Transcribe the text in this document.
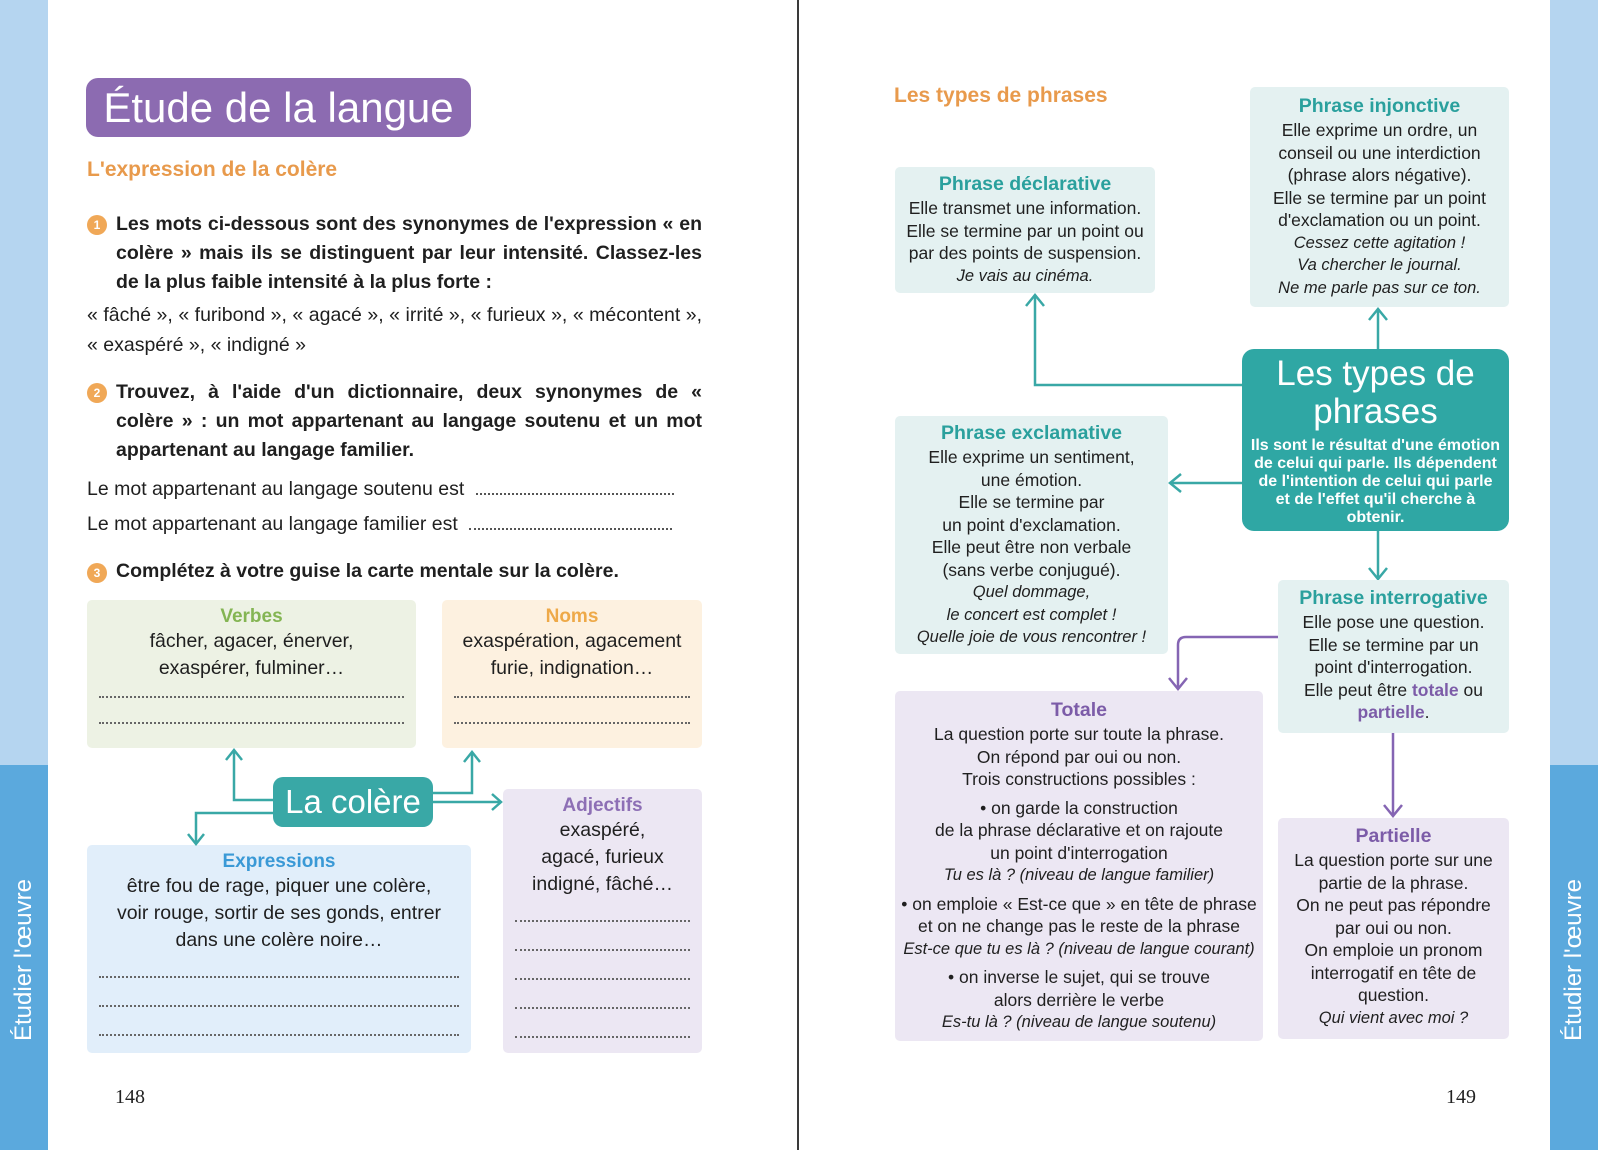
Étudier l'œuvre	Étudier l'œuvre
Étude de la langue
L'expression de la colère
1 Les mots ci-dessous sont des synonymes de l'expression « en colère » mais ils se distinguent par leur intensité. Classez-les de la plus faible intensité à la plus forte :
« fâché », « furibond », « agacé », « irrité », « furieux », « mécontent », « exaspéré », « indigné »
2 Trouvez, à l'aide d'un dictionnaire, deux synonymes de « colère » : un mot appartenant au langage soutenu et un mot appartenant au langage familier.
Le mot appartenant au langage soutenu est
Le mot appartenant au langage familier est
3 Complétez à votre guise la carte mentale sur la colère.
Verbes
fâcher, agacer, énerver,
exaspérer, fulminer…
Noms
exaspération, agacement
furie, indignation…
Adjectifs
exaspéré,
agacé, furieux
indigné, fâché…
Expressions
être fou de rage, piquer une colère,
voir rouge, sortir de ses gonds, entrer
dans une colère noire…
La colère
148
Les types de phrases
Phrase déclarative
Elle transmet une information.
Elle se termine par un point ou
par des points de suspension.
Je vais au cinéma.
Phrase injonctive
Elle exprime un ordre, un
conseil ou une interdiction
(phrase alors négative).
Elle se termine par un point
d'exclamation ou un point.
Cessez cette agitation !
Va chercher le journal.
Ne me parle pas sur ce ton.
Les types de phrases
Ils sont le résultat d'une émotion de celui qui parle. Ils dépendent de l'intention de celui qui parle et de l'effet qu'il cherche à obtenir.
Phrase exclamative
Elle exprime un sentiment,
une émotion.
Elle se termine par
un point d'exclamation.
Elle peut être non verbale
(sans verbe conjugué).
Quel dommage,
le concert est complet !
Quelle joie de vous rencontrer !
Phrase interrogative
Elle pose une question.
Elle se termine par un
point d'interrogation.
Elle peut être totale ou
partielle.
Totale
La question porte sur toute la phrase.
On répond par oui ou non.
Trois constructions possibles :
• on garde la construction
de la phrase déclarative et on rajoute
un point d'interrogation
Tu es là ? (niveau de langue familier)
• on emploie « Est-ce que » en tête de phrase
et on ne change pas le reste de la phrase
Est-ce que tu es là ? (niveau de langue courant)
• on inverse le sujet, qui se trouve
alors derrière le verbe
Es-tu là ? (niveau de langue soutenu)
Partielle
La question porte sur une
partie de la phrase.
On ne peut pas répondre
par oui ou non.
On emploie un pronom
interrogatif en tête de
question.
Qui vient avec moi ?
149
